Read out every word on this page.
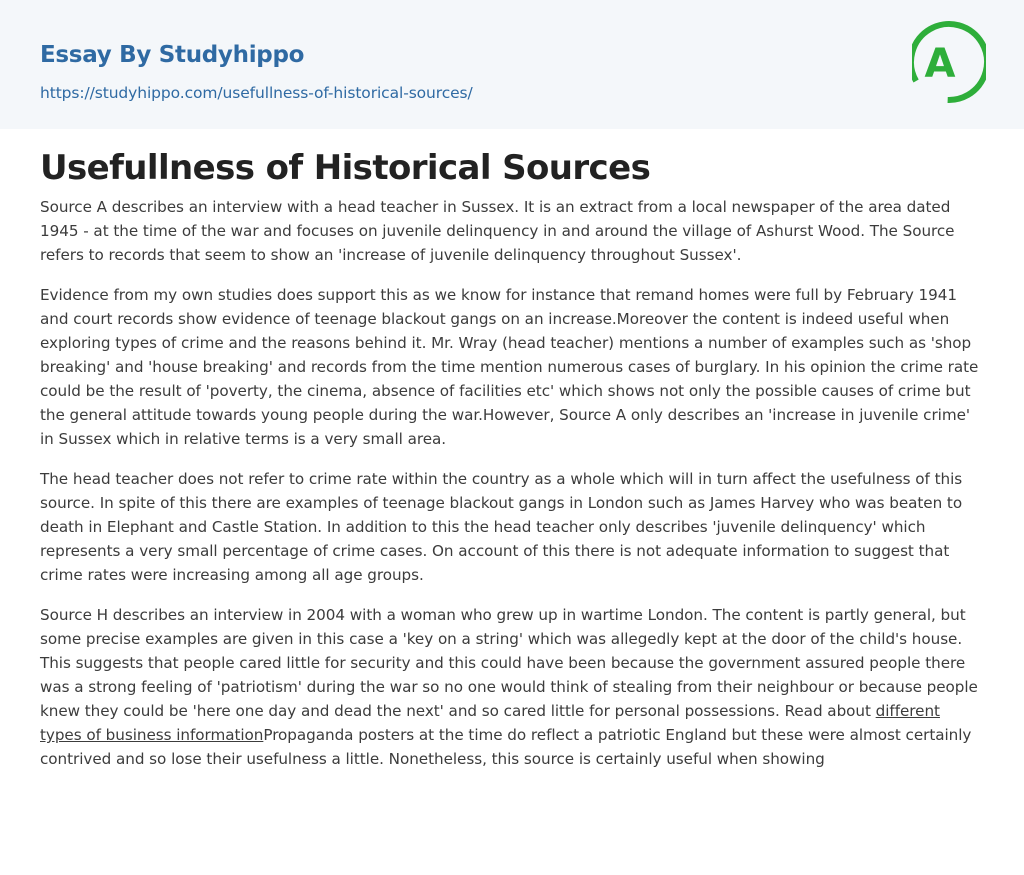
Essay By Studyhippo
https://studyhippo.com/usefullness-of-historical-sources/
A
Usefullness of Historical Sources

Source A describes an interview with a head teacher in Sussex. It is an extract from a local newspaper of the area dated 1945 - at the time of the war and focuses on juvenile delinquency in and around the village of Ashurst Wood. The Source refers to records that seem to show an 'increase of juvenile delinquency throughout Sussex'.

Evidence from my own studies does support this as we know for instance that remand homes were full by February 1941 and court records show evidence of teenage blackout gangs on an increase.Moreover the content is indeed useful when exploring types of crime and the reasons behind it. Mr. Wray (head teacher) mentions a number of examples such as 'shop breaking' and 'house breaking' and records from the time mention numerous cases of burglary. In his opinion the crime rate could be the result of 'poverty, the cinema, absence of facilities etc' which shows not only the possible causes of crime but the general attitude towards young people during the war.However, Source A only describes an 'increase in juvenile crime' in Sussex which in relative terms is a very small area.

The head teacher does not refer to crime rate within the country as a whole which will in turn affect the usefulness of this source. In spite of this there are examples of teenage blackout gangs in London such as James Harvey who was beaten to death in Elephant and Castle Station. In addition to this the head teacher only describes 'juvenile delinquency' which represents a very small percentage of crime cases. On account of this there is not adequate information to suggest that crime rates were increasing among all age groups.

Source H describes an interview in 2004 with a woman who grew up in wartime London. The content is partly general, but some precise examples are given in this case a 'key on a string' which was allegedly kept at the door of the child's house. This suggests that people cared little for security and this could have been because the government assured people there was a strong feeling of 'patriotism' during the war so no one would think of stealing from their neighbour or because people knew they could be 'here one day and dead the next' and so cared little for personal possessions. Read about different types of business informationPropaganda posters at the time do reflect a patriotic England but these were almost certainly contrived and so lose their usefulness a little. Nonetheless, this source is certainly useful when showing
